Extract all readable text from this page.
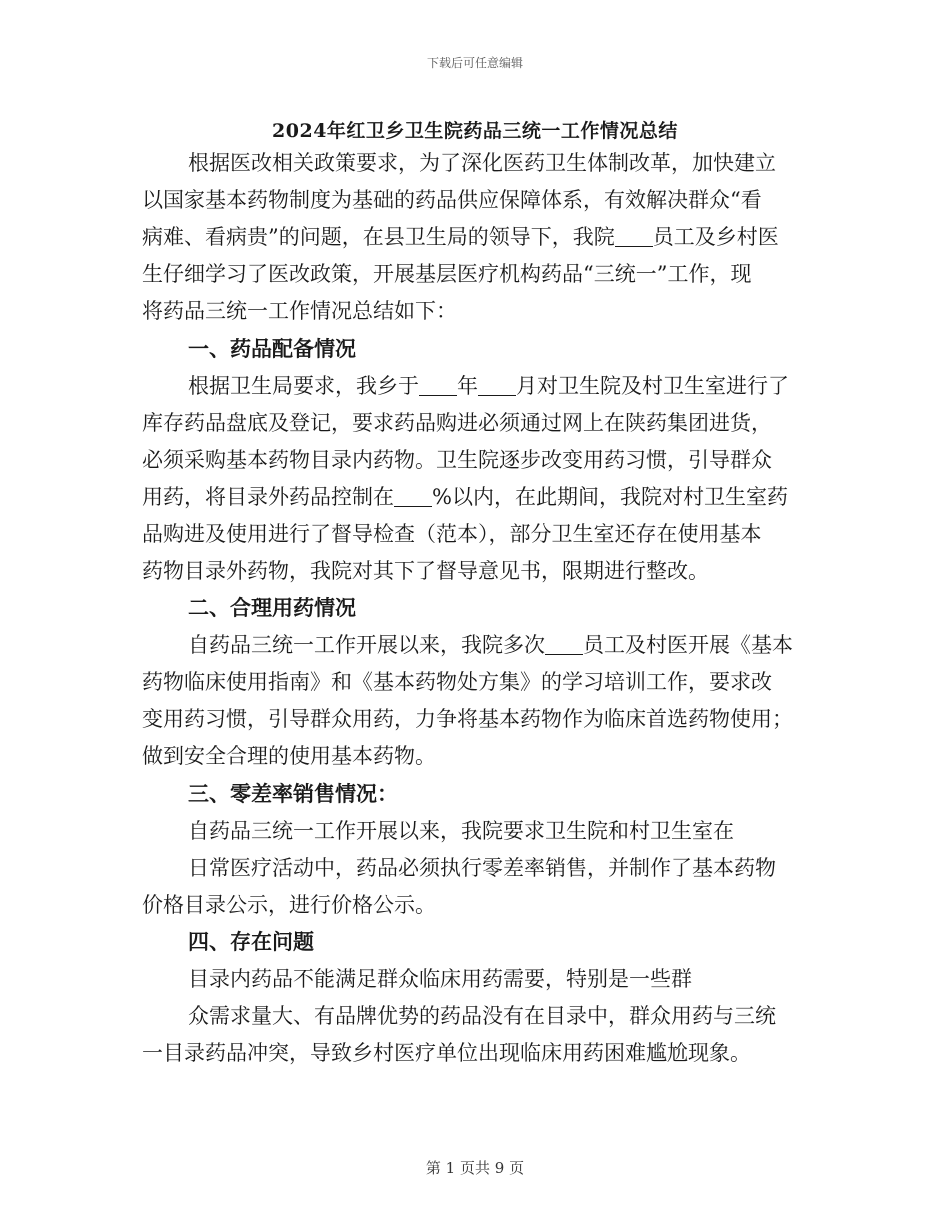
下载后可任意编辑
2024年红卫乡卫生院药品三统一工作情况总结
根据医改相关政策要求，为了深化医药卫生体制改革，加快建立
以国家基本药物制度为基础的药品供应保障体系，有效解决群众“看
病难、看病贵”的问题，在县卫生局的领导下，我院 员工及乡村医
生仔细学习了医改政策，开展基层医疗机构药品“三统一”工作，现
将药品三统一工作情况总结如下：
一、药品配备情况
根据卫生局要求，我乡于 年 月对卫生院及村卫生室进行了
库存药品盘底及登记，要求药品购进必须通过网上在陕药集团进货，
必须采购基本药物目录内药物。卫生院逐步改变用药习惯，引导群众
用药，将目录外药品控制在 %以内，在此期间，我院对村卫生室药
品购进及使用进行了督导检查（范本），部分卫生室还存在使用基本
药物目录外药物，我院对其下了督导意见书，限期进行整改。
二、合理用药情况
自药品三统一工作开展以来，我院多次 员工及村医开展《基本
药物临床使用指南》和《基本药物处方集》的学习培训工作，要求改
变用药习惯，引导群众用药，力争将基本药物作为临床首选药物使用；
做到安全合理的使用基本药物。
三、零差率销售情况：
自药品三统一工作开展以来，我院要求卫生院和村卫生室在
日常医疗活动中，药品必须执行零差率销售，并制作了基本药物
价格目录公示，进行价格公示。
四、存在问题
目录内药品不能满足群众临床用药需要，特别是一些群
众需求量大、有品牌优势的药品没有在目录中，群众用药与三统
一目录药品冲突，导致乡村医疗单位出现临床用药困难尴尬现象。
第 1 页共 9 页
